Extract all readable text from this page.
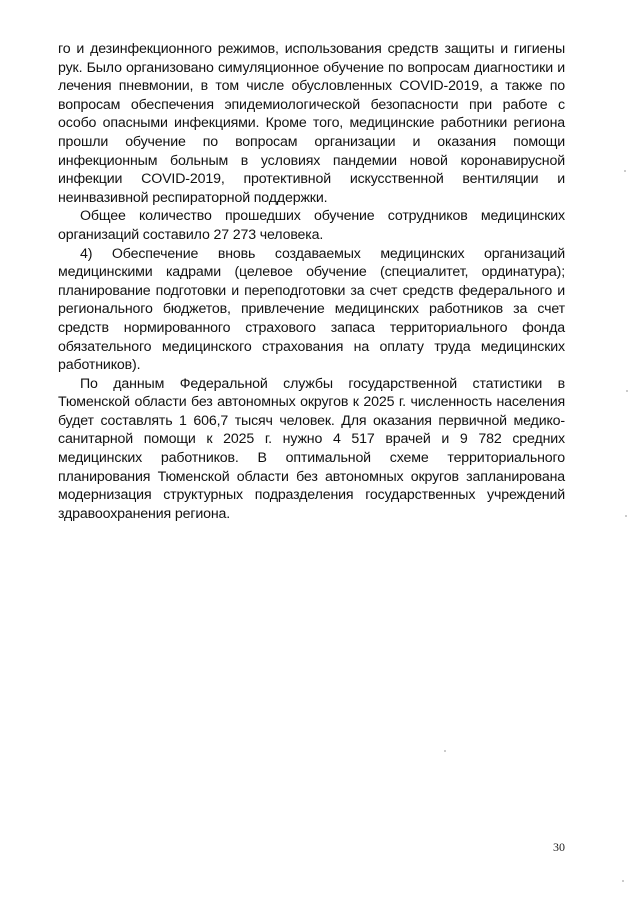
го и дезинфекционного режимов, использования средств защиты и гигиены рук. Было организовано симуляционное обучение по вопросам диагностики и лечения пневмонии, в том числе обусловленных COVID-2019, а также по вопросам обеспечения эпидемиологической безопасности при работе с особо опасными инфекциями. Кроме того, медицинские работники региона прошли обучение по вопросам организации и оказания помощи инфекционным больным в условиях пандемии новой коронавирусной инфекции COVID-2019, протективной искусственной вентиляции и неинвазивной респираторной поддержки.

Общее количество прошедших обучение сотрудников медицинских организаций составило 27 273 человека.

4) Обеспечение вновь создаваемых медицинских организаций медицинскими кадрами (целевое обучение (специалитет, ординатура); планирование подготовки и переподготовки за счет средств федерального и регионального бюджетов, привлечение медицинских работников за счет средств нормированного страхового запаса территориального фонда обязательного медицинского страхования на оплату труда медицинских работников).

По данным Федеральной службы государственной статистики в Тюменской области без автономных округов к 2025 г. численность населения будет составлять 1 606,7 тысяч человек. Для оказания первичной медико-санитарной помощи к 2025 г. нужно 4 517 врачей и 9 782 средних медицинских работников. В оптимальной схеме территориального планирования Тюменской области без автономных округов запланирована модернизация структурных подразделения государственных учреждений здравоохранения региона.

30
